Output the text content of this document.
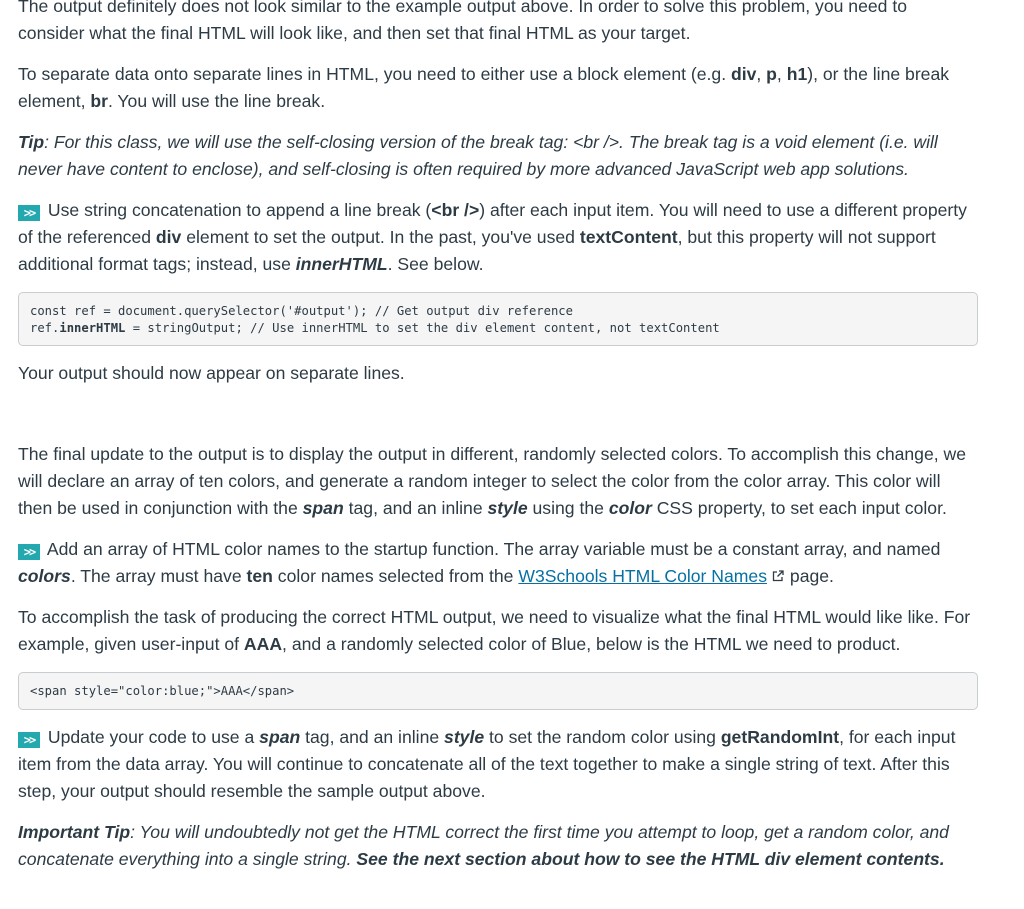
The output definitely does not look similar to the example output above. In order to solve this problem, you need to consider what the final HTML will look like, and then set that final HTML as your target.

To separate data onto separate lines in HTML, you need to either use a block element (e.g. div, p, h1), or the line break element, br. You will use the line break.

Tip: For this class, we will use the self-closing version of the break tag: <br />. The break tag is a void element (i.e. will never have content to enclose), and self-closing is often required by more advanced JavaScript web app solutions.

>> Use string concatenation to append a line break (<br />) after each input item. You will need to use a different property of the referenced div element to set the output. In the past, you've used textContent, but this property will not support additional format tags; instead, use innerHTML. See below.

const ref = document.querySelector('#output'); // Get output div reference
ref.innerHTML = stringOutput; // Use innerHTML to set the div element content, not textContent

Your output should now appear on separate lines.

The final update to the output is to display the output in different, randomly selected colors. To accomplish this change, we will declare an array of ten colors, and generate a random integer to select the color from the color array. This color will then be used in conjunction with the span tag, and an inline style using the color CSS property, to set each input color.

>> Add an array of HTML color names to the startup function. The array variable must be a constant array, and named colors. The array must have ten color names selected from the W3Schools HTML Color Names page.

To accomplish the task of producing the correct HTML output, we need to visualize what the final HTML would like like. For example, given user-input of AAA, and a randomly selected color of Blue, below is the HTML we need to product.

<span style="color:blue;">AAA</span>

>> Update your code to use a span tag, and an inline style to set the random color using getRandomInt, for each input item from the data array. You will continue to concatenate all of the text together to make a single string of text. After this step, your output should resemble the sample output above.

Important Tip: You will undoubtedly not get the HTML correct the first time you attempt to loop, get a random color, and concatenate everything into a single string. See the next section about how to see the HTML div element contents.
